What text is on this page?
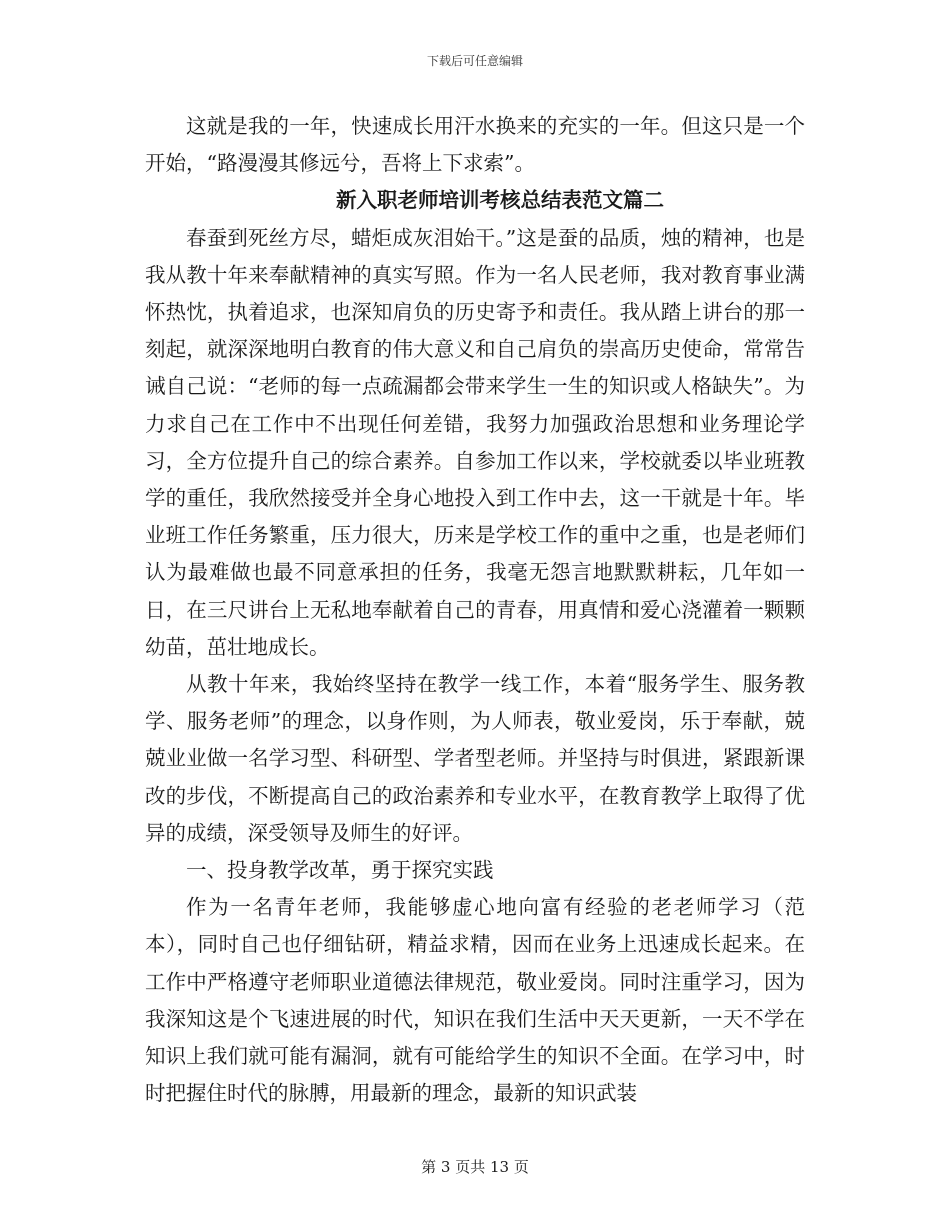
下载后可任意编辑

这就是我的一年，快速成长用汗水换来的充实的一年。但这只是一个开始，“路漫漫其修远兮，吾将上下求索”。

新入职老师培训考核总结表范文篇二

春蚕到死丝方尽，蜡炬成灰泪始干。”这是蚕的品质，烛的精神，也是我从教十年来奉献精神的真实写照。作为一名人民老师，我对教育事业满怀热忱，执着追求，也深知肩负的历史寄予和责任。我从踏上讲台的那一刻起，就深深地明白教育的伟大意义和自己肩负的崇高历史使命，常常告诫自己说：“老师的每一点疏漏都会带来学生一生的知识或人格缺失”。为力求自己在工作中不出现任何差错，我努力加强政治思想和业务理论学习，全方位提升自己的综合素养。自参加工作以来，学校就委以毕业班教学的重任，我欣然接受并全身心地投入到工作中去，这一干就是十年。毕业班工作任务繁重，压力很大，历来是学校工作的重中之重，也是老师们认为最难做也最不同意承担的任务，我毫无怨言地默默耕耘，几年如一日，在三尺讲台上无私地奉献着自己的青春，用真情和爱心浇灌着一颗颗幼苗，茁壮地成长。

从教十年来，我始终坚持在教学一线工作，本着“服务学生、服务教学、服务老师”的理念，以身作则，为人师表，敬业爱岗，乐于奉献，兢兢业业做一名学习型、科研型、学者型老师。并坚持与时俱进，紧跟新课改的步伐，不断提高自己的政治素养和专业水平，在教育教学上取得了优异的成绩，深受领导及师生的好评。

一、投身教学改革，勇于探究实践

作为一名青年老师，我能够虚心地向富有经验的老老师学习（范本），同时自己也仔细钻研，精益求精，因而在业务上迅速成长起来。在工作中严格遵守老师职业道德法律规范，敬业爱岗。同时注重学习，因为我深知这是个飞速进展的时代，知识在我们生活中天天更新，一天不学在知识上我们就可能有漏洞，就有可能给学生的知识不全面。在学习中，时时把握住时代的脉膊，用最新的理念，最新的知识武装

第 3 页共 13 页
